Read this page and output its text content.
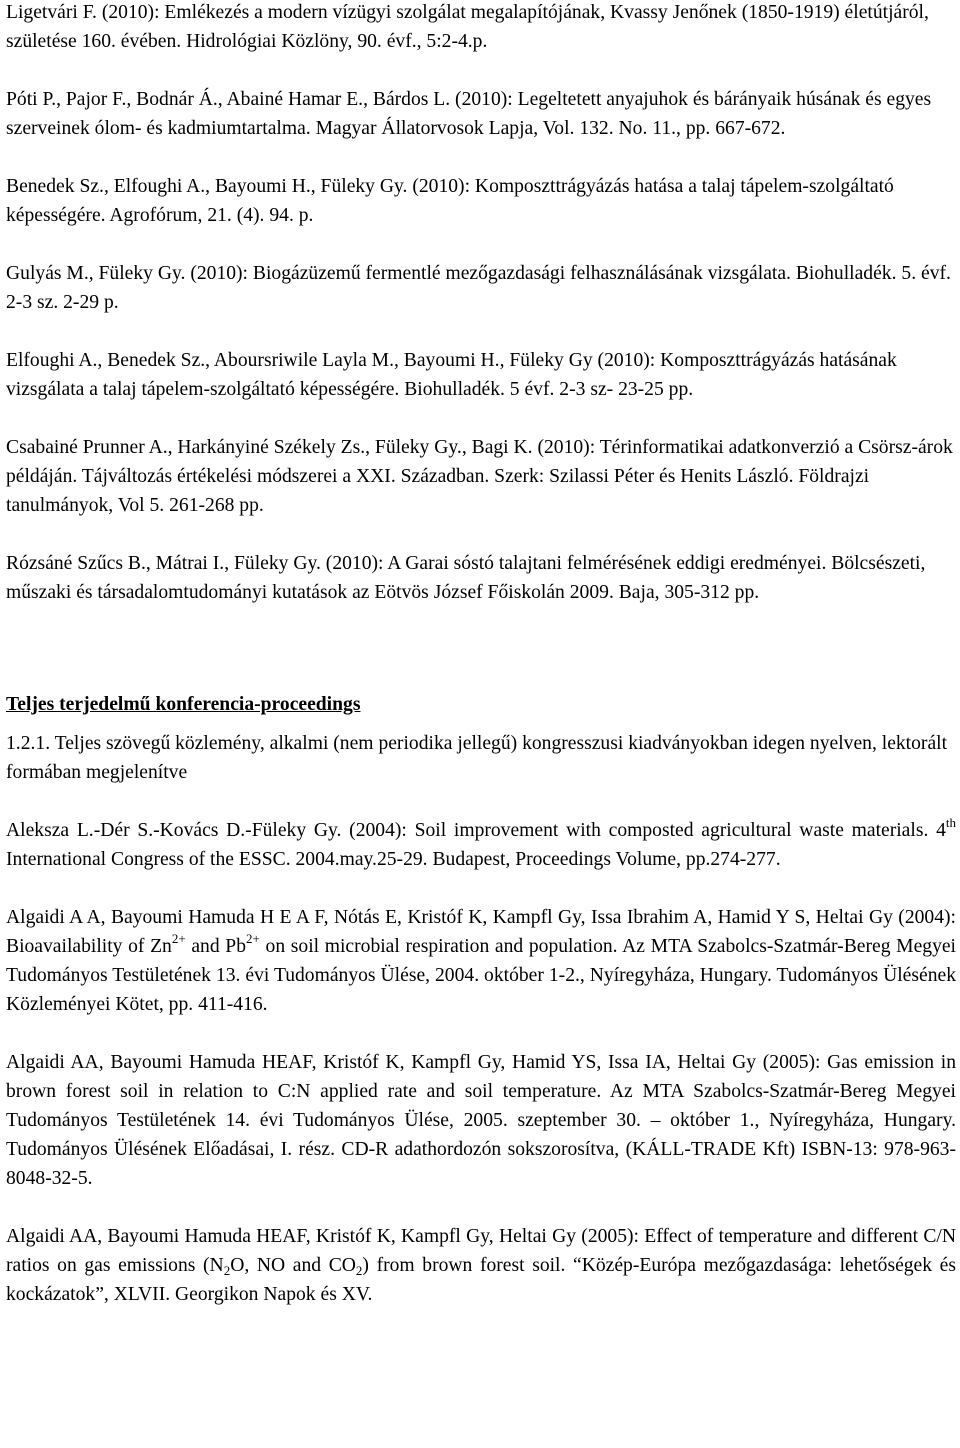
Ligetvári F. (2010): Emlékezés a modern vízügyi szolgálat megalapítójának, Kvassy Jenőnek (1850-1919) életútjáról, születése 160. évében. Hidrológiai Közlöny, 90. évf., 5:2-4.p.

Póti P., Pajor F., Bodnár Á., Abainé Hamar E., Bárdos L. (2010): Legeltetett anyajuhok és bárányaik húsának és egyes szerveinek ólom- és kadmiumtartalma. Magyar Állatorvosok Lapja, Vol. 132. No. 11., pp. 667-672.

Benedek Sz., Elfoughi A., Bayoumi H., Füleky Gy. (2010): Komposzttrágyázás hatása a talaj tápelem-szolgáltató képességére. Agrofórum, 21. (4). 94. p.

Gulyás M., Füleky Gy. (2010): Biogázüzemű fermentlé mezőgazdasági felhasználásának vizsgálata. Biohulladék. 5. évf. 2-3 sz. 2-29 p.

Elfoughi A., Benedek Sz., Aboursriwile Layla M., Bayoumi H., Füleky Gy (2010): Komposzttrágyázás hatásának vizsgálata a talaj tápelem-szolgáltató képességére. Biohulladék. 5 évf. 2-3 sz- 23-25 pp.

Csabainé Prunner A., Harkányiné Székely Zs., Füleky Gy., Bagi K. (2010): Térinformatikai adatkonverzió a Csörsz-árok példáján. Tájváltozás értékelési módszerei a XXI. Században. Szerk: Szilassi Péter és Henits László. Földrajzi tanulmányok, Vol 5. 261-268 pp.

Rózsáné Szűcs B., Mátrai I., Füleky Gy. (2010): A Garai sóstó talajtani felmérésének eddigi eredményei. Bölcsészeti, műszaki és társadalomtudományi kutatások az Eötvös József Főiskolán 2009. Baja, 305-312 pp.

Teljes terjedelmű konferencia-proceedings

1.2.1. Teljes szövegű közlemény, alkalmi (nem periodika jellegű) kongresszusi kiadványokban idegen nyelven, lektorált formában megjelenítve

Aleksza L.-Dér S.-Kovács D.-Füleky Gy. (2004): Soil improvement with composted agricultural waste materials. 4th International Congress of the ESSC. 2004.may.25-29. Budapest, Proceedings Volume, pp.274-277.

Algaidi A A, Bayoumi Hamuda H E A F, Nótás E, Kristóf K, Kampfl Gy, Issa Ibrahim A, Hamid Y S, Heltai Gy (2004): Bioavailability of $Zn^{2+}$ and $Pb^{2+}$ on soil microbial respiration and population. Az MTA Szabolcs-Szatmár-Bereg Megyei Tudományos Testületének 13. évi Tudományos Ülése, 2004. október 1-2., Nyíregyháza, Hungary. Tudományos Ülésének Közleményei Kötet, pp. 411-416.

Algaidi AA, Bayoumi Hamuda HEAF, Kristóf K, Kampfl Gy, Hamid YS, Issa IA, Heltai Gy (2005): Gas emission in brown forest soil in relation to C:N applied rate and soil temperature. Az MTA Szabolcs-Szatmár-Bereg Megyei Tudományos Testületének 14. évi Tudományos Ülése, 2005. szeptember 30. – október 1., Nyíregyháza, Hungary. Tudományos Ülésének Előadásai, I. rész. CD-R adathordozón sokszorosítva, (KÁLL-TRADE Kft) ISBN-13: 978-963-8048-32-5.

Algaidi AA, Bayoumi Hamuda HEAF, Kristóf K, Kampfl Gy, Heltai Gy (2005): Effect of temperature and different C/N ratios on gas emissions ($N_2O$, NO and $CO_2$) from brown forest soil. “Közép-Európa mezőgazdasága: lehetőségek és kockázatok”, XLVII. Georgikon Napok és XV.
